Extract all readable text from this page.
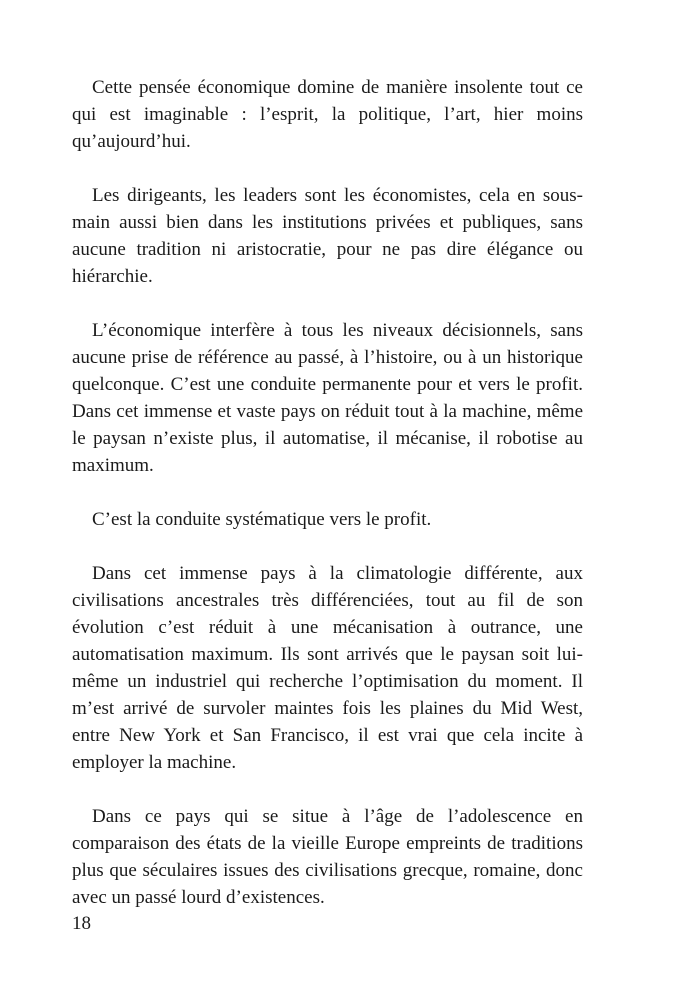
Cette pensée économique domine de manière insolente tout ce qui est imaginable : l’esprit, la politique, l’art, hier moins qu’aujourd’hui.

Les dirigeants, les leaders sont les économistes, cela en sous-main aussi bien dans les institutions privées et publiques, sans aucune tradition ni aristocratie, pour ne pas dire élégance ou hiérarchie.

L’économique interfère à tous les niveaux décisionnels, sans aucune prise de référence au passé, à l’histoire, ou à un historique quelconque. C’est une conduite permanente pour et vers le profit. Dans cet immense et vaste pays on réduit tout à la machine, même le paysan n’existe plus, il automatise, il mécanise, il robotise au maximum.

C’est la conduite systématique vers le profit.

Dans cet immense pays à la climatologie différente, aux civilisations ancestrales très différenciées, tout au fil de son évolution c’est réduit à une mécanisation à outrance, une automatisation maximum. Ils sont arrivés que le paysan soit lui-même un industriel qui recherche l’optimisation du moment. Il m’est arrivé de survoler maintes fois les plaines du Mid West, entre New York et San Francisco, il est vrai que cela incite à employer la machine.

Dans ce pays qui se situe à l’âge de l’adolescence en comparaison des états de la vieille Europe empreints de traditions plus que séculaires issues des civilisations grecque, romaine, donc avec un passé lourd d’existences.

18
